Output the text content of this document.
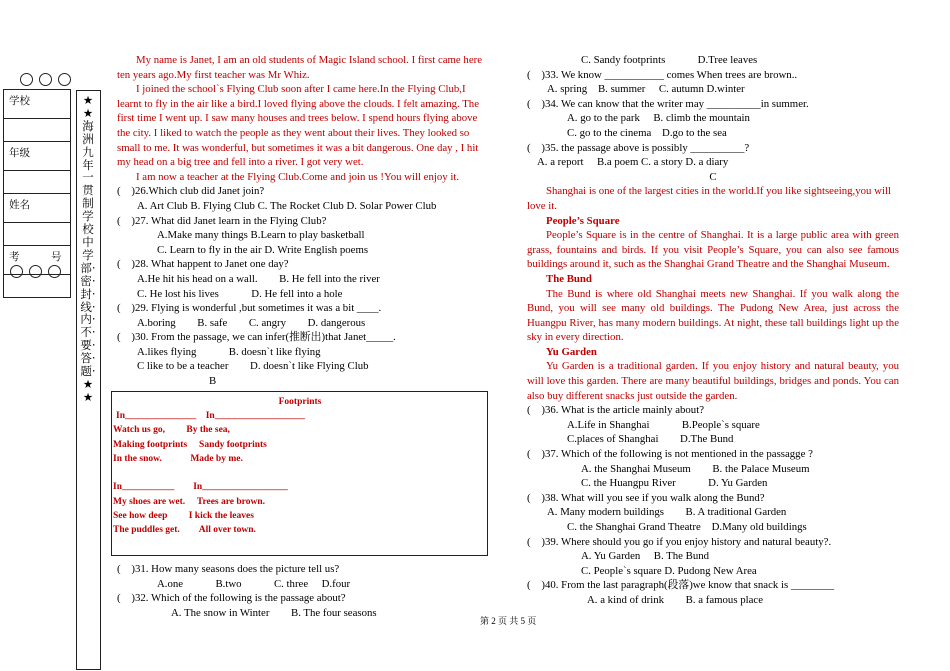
学校
年级
姓名
考　　　号
★★海洲九年一贯制学校中学部·密·封·线·内·不·要·答·题·★★

My name is Janet, I am an old students of Magic Island school. I first came here ten years ago.My first teacher was Mr Whiz.

I joined the school`s Flying Club soon after I came here.In the Flying Club,I learnt to fly in the air like a bird.I loved flying above the clouds. I felt amazing. The first time I went up. I saw many houses and trees below. I spend hours flying above the city. I liked to watch the people as they went about their lives. They looked so small to me. It was wonderful, but sometimes it was a bit dangerous. One day , I hit my head on a big tree and fell into a river. I got very wet.

I am now a teacher at the Flying Club.Come and join us !You will enjoy it.

(　)26.Which club did Janet join?

A. Art Club B. Flying Club C. The Rocket Club D. Solar Power Club

(　)27. What did Janet learn in the Flying Club?

A.Make many things B.Learn to play basketball

C. Learn to fly in the air D. Write English poems

(　)28. What happent to Janet one day?

A.He hit his head on a wall.　　B. He fell into the river

C. He lost his lives　　　D. He fell into a hole

(　)29. Flying is wonderful ,but sometimes it was a bit ____.

A.boring　　B. safe　　C. angry　　D. dangerous

(　)30. From the passage, we can infer(推断出)that Janet_____.

A.likes flying　　　B. doesn`t like flying

C like to be a teacher　　D. doesn`t like Flying Club

B

Footprints

In_______________　In___________________

Watch us go,　　 By the sea,

Making footprints　 Sandy footprints

In the snow.　　　Made by me.

In___________　　In__________________

My shoes are wet.　 Trees are brown.

See how deep　　 I kick the leaves

The puddles get.　　All over town.

(　)31. How many seasons does the picture tell us?

A.one　　　B.two　　　C. three　 D.four

(　)32. Which of the following is the passage about?

A. The snow in Winter　　B. The four seasons

C. Sandy footprints　　　D.Tree leaves

(　)33. We know ___________ comes When trees are brown..

A. spring　B. summer　 C. autumn D.winter

(　)34. We can know that the writer may __________in summer.

A. go to the park　 B. climb the mountain

C. go to the cinema　D.go to the sea

(　)35. the passage above is possibly __________?

A. a report　 B.a poem C. a story D. a diary

C

Shanghai is one of the largest cities in the world.If you like sightseeing,you will love it.

People’s Square

People’s Square is in the centre of Shanghai. It is a large public area with green grass, fountains and birds. If you visit People’s Square, you can also see famous buildings around it, such as the Shanghai Grand Theatre and the Shanghai Museum.

The Bund

The Bund is where old Shanghai meets new Shanghai. If you walk along the Bund, you will see many old buildings. The Pudong New Area, just across the Huangpu River, has many modern buildings. At night, these tall buildings light up the sky in every direction.

Yu Garden

Yu Garden is a traditional garden. If you enjoy history and natural beauty, you will love this garden. There are many beautiful buildings, bridges and ponds. You can also buy different snacks just outside the garden.

(　)36. What is the article mainly about?

A.Life in Shanghai　　　B.People`s square

C.places of Shanghai　　D.The Bund

(　)37. Which of the following is not mentioned in the passagge ?

A. the Shanghai Museum　　B. the Palace Museum

C. the Huangpu River　　　D. Yu Garden

(　)38. What will you see if you walk along the Bund?

A. Many modern buildings　　B. A traditional Garden

C. the Shanghai Grand Theatre　D.Many old buildings

(　)39. Where should you go if you enjoy history and natural beauty?.

A. Yu Garden　 B. The Bund

C. People`s square D. Pudong New Area

(　)40. From the last paragraph(段落)we know that snack is ________

A. a kind of drink　　B. a famous place

第 2 页 共 5 页
